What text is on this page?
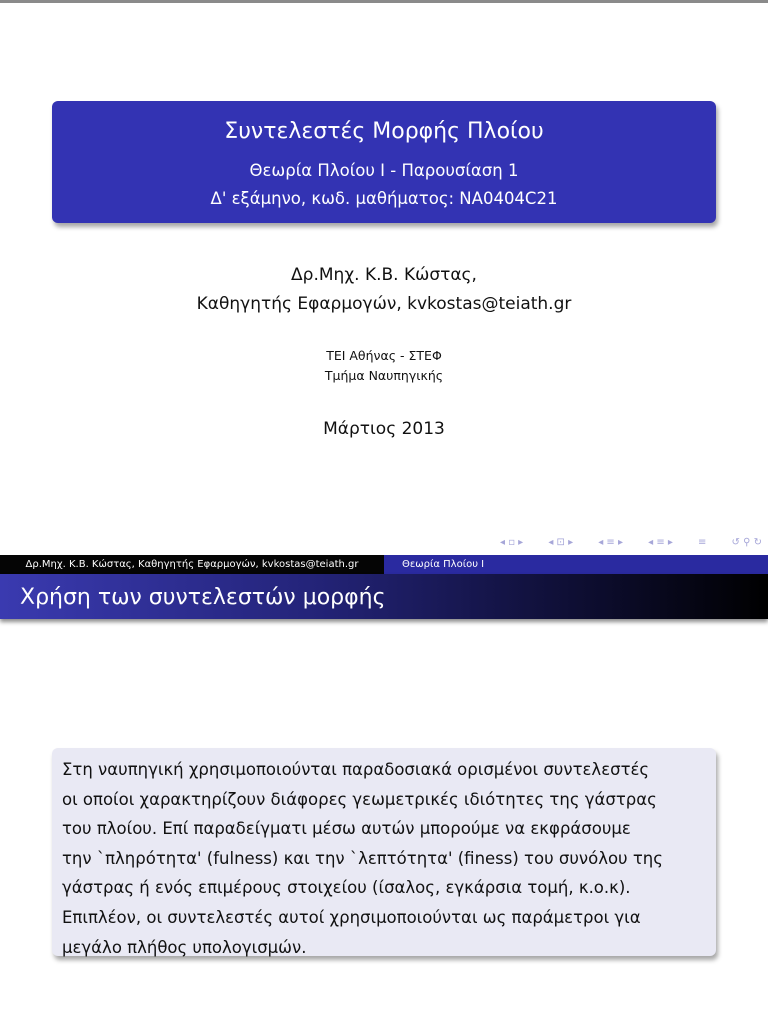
Συντελεστές Μορφής Πλοίου
Θεωρία Πλοίου Ι - Παρουσίαση 1
Δ' εξάμηνο, κωδ. μαθήματος: NA0404C21
Δρ.Μηχ. Κ.Β. Κώστας,
Καθηγητής Εφαρμογών, kvkostas@teiath.gr
ΤΕΙ Αθήνας - ΣΤΕΦ
Τμήμα Ναυπηγικής
Μάρτιος 2013
◂ ▫ ▸	◂ ⊡ ▸	◂ ≡ ▸	◂ ≡ ▸	≡	↺ ⚲ ↻
Δρ.Μηχ. Κ.Β. Κώστας, Καθηγητής Εφαρμογών, kvkostas@teiath.gr	Θεωρία Πλοίου Ι
Χρήση των συντελεστών μορφής

Στη ναυπηγική χρησιμοποιούνται παραδοσιακά ορισμένοι συντελεστές

οι οποίοι χαρακτηρίζουν διάφορες γεωμετρικές ιδιότητες της γάστρας

του πλοίου. Επί παραδείγματι μέσω αυτών μπορούμε να εκφράσουμε

την `πληρότητα' (fulness) και την `λεπτότητα' (finess) του συνόλου της

γάστρας ή ενός επιμέρους στοιχείου (ίσαλος, εγκάρσια τομή, κ.ο.κ).

Επιπλέον, οι συντελεστές αυτοί χρησιμοποιούνται ως παράμετροι για

μεγάλο πλήθος υπολογισμών.
